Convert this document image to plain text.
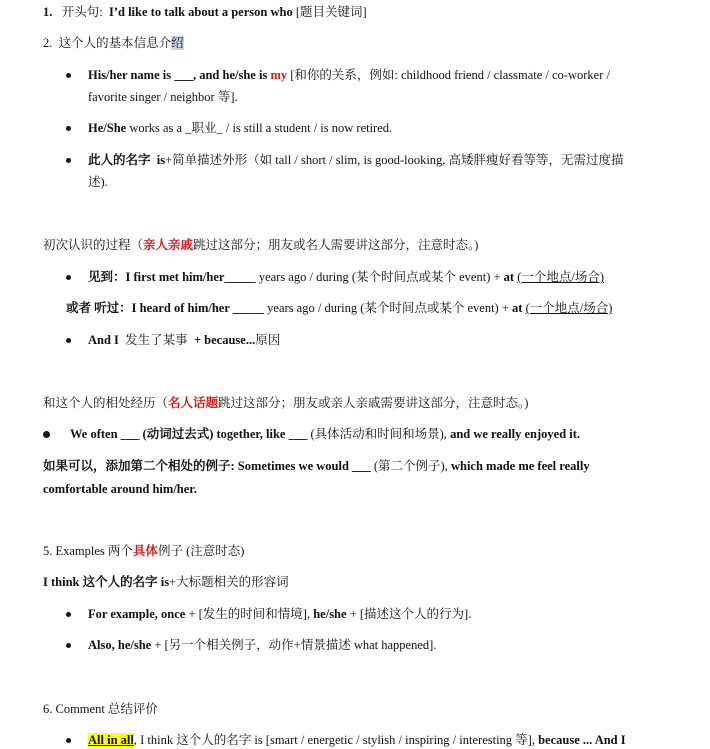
1. 开头句: I’d like to talk about a person who [题目关键词]
2. 这个人的基本信息介绍
His/her name is ___, and he/she is my [和你的关系，例如: childhood friend / classmate / co-worker /
favorite singer / neighbor 等].
He/She works as a _职业_ / is still a student / is now retired.
此人的名字 is+简单描述外形（如 tall / short / slim, is good-looking, 高矮胖瘦好看等等，无需过度描
述).
初次认识的过程（亲人亲戚跳过这部分；朋友或名人需要讲这部分，注意时态。)
见到：I first met him/her_____ years ago / during (某个时间点或某个 event) + at (一个地点/场合)
或者 听过：I heard of him/her _____ years ago / during (某个时间点或某个 event) + at (一个地点/场合)
And I 发生了某事 + because...原因
和这个人的相处经历（名人话题跳过这部分；朋友或亲人亲戚需要讲这部分，注意时态。)
We often ___ (动词过去式) together, like ___ (具体活动和时间和场景), and we really enjoyed it.
如果可以，添加第二个相处的例子: Sometimes we would ___ (第二个例子), which made me feel really
comfortable around him/her.
5. Examples 两个具体例子 (注意时态)
I think 这个人的名字 is+大标题相关的形容词
For example, once + [发生的时间和情境], he/she + [描述这个人的行为].
Also, he/she + [另一个相关例子，动作+情景描述 what happened].
6. Comment 总结评价
All in all, I think 这个人的名字 is [smart / energetic / stylish / inspiring / interesting 等], because ... And I
